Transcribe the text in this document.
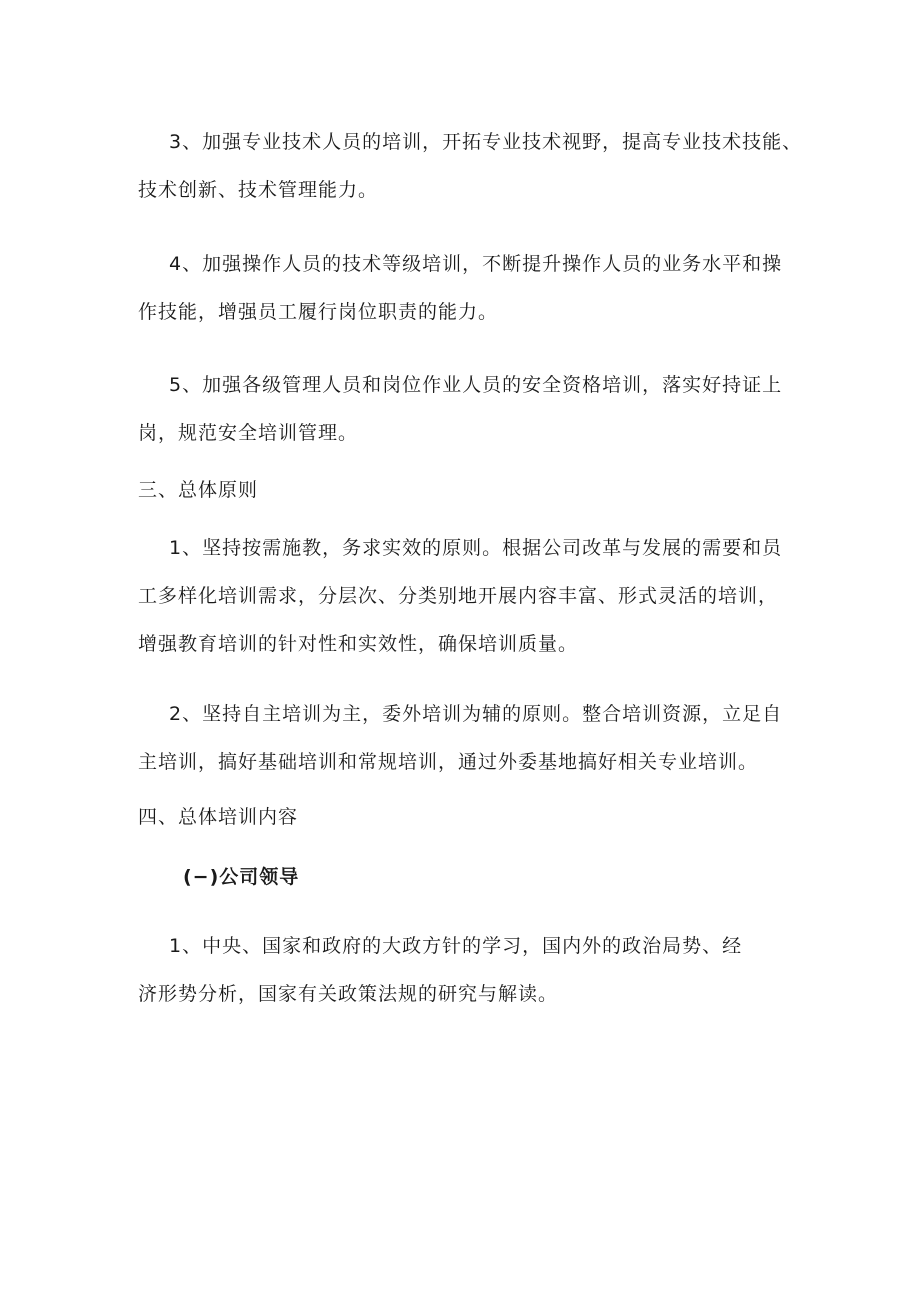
3、加强专业技术人员的培训，开拓专业技术视野，提高专业技术技能、
技术创新、技术管理能力。
4、加强操作人员的技术等级培训，不断提升操作人员的业务水平和操
作技能，增强员工履行岗位职责的能力。
5、加强各级管理人员和岗位作业人员的安全资格培训，落实好持证上
岗，规范安全培训管理。
三、总体原则
1、坚持按需施教，务求实效的原则。根据公司改革与发展的需要和员
工多样化培训需求，分层次、分类别地开展内容丰富、形式灵活的培训，
增强教育培训的针对性和实效性，确保培训质量。
2、坚持自主培训为主，委外培训为辅的原则。整合培训资源，立足自
主培训，搞好基础培训和常规培训，通过外委基地搞好相关专业培训。
四、总体培训内容
(−)公司领导
1、中央、国家和政府的大政方针的学习，国内外的政治局势、经
济形势分析，国家有关政策法规的研究与解读。
